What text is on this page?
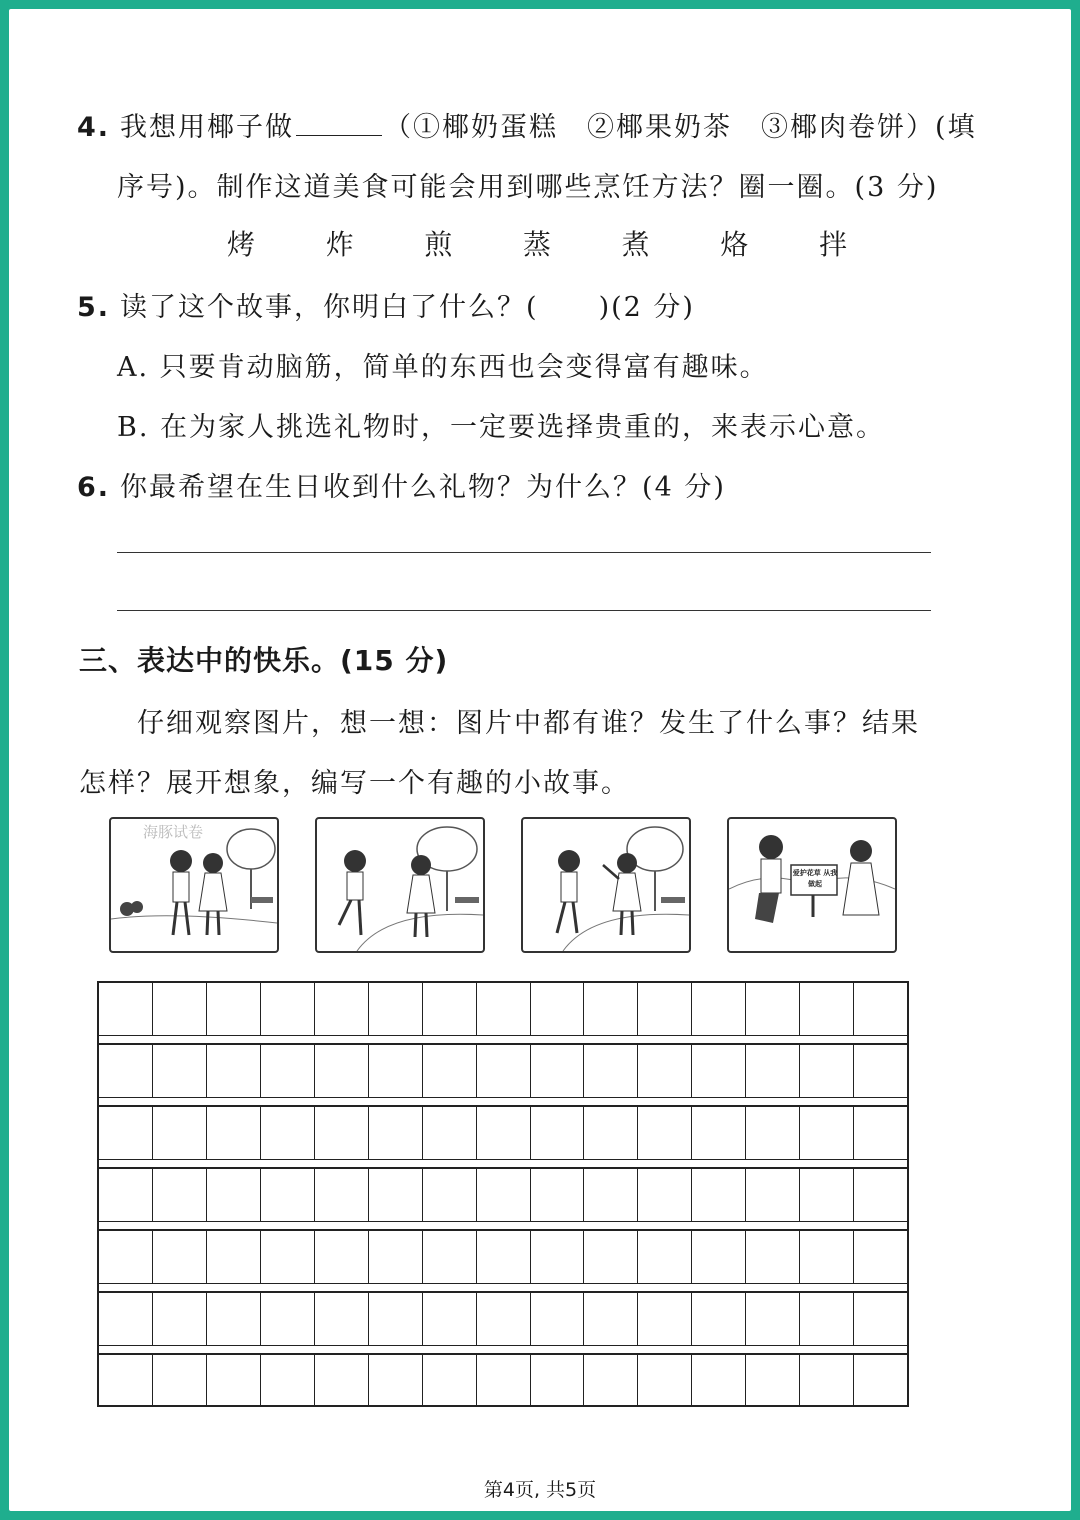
4. 我想用椰子做	（①椰奶蛋糕　②椰果奶茶　③椰肉卷饼）(填
序号)。制作这道美食可能会用到哪些烹饪方法？圈一圈。(3 分)
烤	炸	煎	蒸	煮	烙	拌
5. 读了这个故事，你明白了什么？( )(2 分)
A. 只要肯动脑筋，简单的东西也会变得富有趣味。
B. 在为家人挑选礼物时，一定要选择贵重的，来表示心意。
6. 你最希望在生日收到什么礼物？为什么？(4 分)
三、表达中的快乐。(15 分)
仔细观察图片，想一想：图片中都有谁？发生了什么事？结果
怎样？展开想象，编写一个有趣的小故事。
海豚试卷
爱护花草 从我做起
第4页, 共5页
